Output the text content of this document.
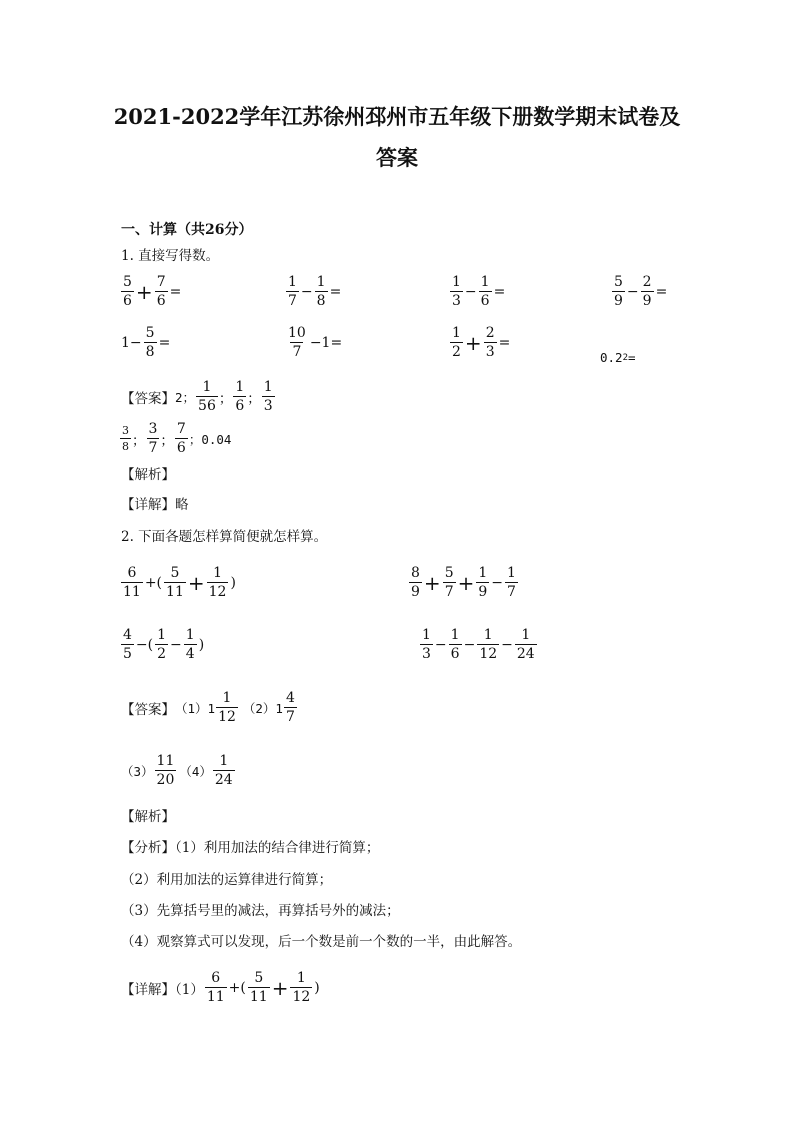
2021-2022学年江苏徐州邳州市五年级下册数学期末试卷及
答案
一、计算（共26分）
1. 直接写得数。
$\frac{5}{6} + \frac{7}{6}$ =	$\frac{1}{7} - \frac{1}{8}$ =	$\frac{1}{3} - \frac{1}{6}$ =	$\frac{5}{9} - \frac{2}{9}$ =
$1- \frac{5}{8}$ =	$\frac{10}{7} -1=$	$\frac{1}{2} + \frac{2}{3}$ =
0.2 2 =
【答案】 2； $\frac{1}{56}$ ； $\frac{1}{6}$ ； $\frac{1}{3}$
$\frac{3}{8}$ ； $\frac{3}{7}$ ； $\frac{7}{6}$ ；0.04
【解析】
【详解】略
2. 下面各题怎样算简便就怎样算。
$\frac{6}{11}$ +( $\frac{5}{11} + \frac{1}{12}$ )	$\frac{8}{9} + \frac{5}{7} + \frac{1}{9} - \frac{1}{7}$
$\frac{4}{5}$ −( $\frac{1}{2} - \frac{1}{4}$ )	$\frac{1}{3} - \frac{1}{6} - \frac{1}{12} - \frac{1}{24}$
【答案】 $(1)1 \frac{1}{12} (2)1 \frac{4}{7}$
$(3) \frac{11}{20} (4) \frac{1}{24}$
【解析】
【分析】（1）利用加法的结合律进行简算；
（2）利用加法的运算律进行简算；
（3）先算括号里的减法，再算括号外的减法；
（4）观察算式可以发现，后一个数是前一个数的一半，由此解答。
【详解】$(1) \frac{6}{11}$ +( $\frac{5}{11} + \frac{1}{12}$ )
